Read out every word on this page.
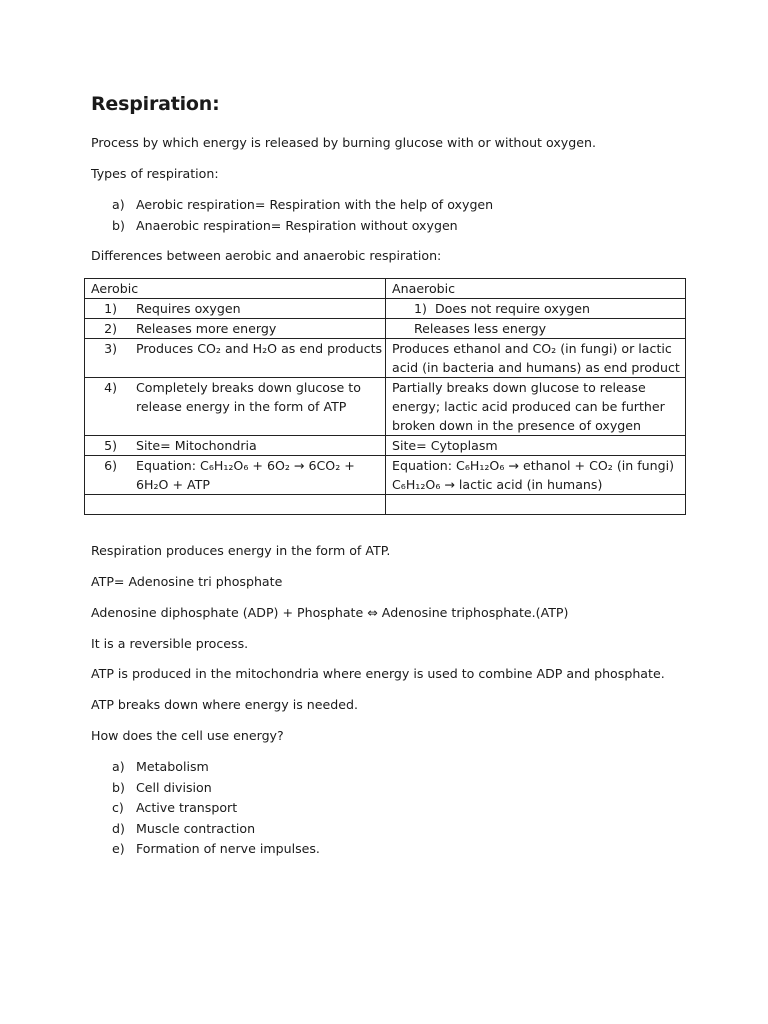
Respiration:
Process by which energy is released by burning glucose with or without oxygen.
Types of respiration:
a) Aerobic respiration= Respiration with the help of oxygen
b) Anaerobic respiration= Respiration without oxygen
Differences between aerobic and anaerobic respiration:
Aerobic	Anaerobic
1) Requires oxygen	1) Does not require oxygen

2) Releases more energy	Releases less energy

3) Produces CO₂ and H₂O as end products	Produces ethanol and CO₂ (in fungi) or lactic
acid (in bacteria and humans) as end product

4) Completely breaks down glucose to
release energy in the form of ATP	Partially breaks down glucose to release
energy; lactic acid produced can be further
broken down in the presence of oxygen

5) Site= Mitochondria	Site= Cytoplasm

6) Equation: C₆H₁₂O₆ + 6O₂ → 6CO₂ +
6H₂O + ATP	Equation: C₆H₁₂O₆ → ethanol + CO₂ (in fungi)
C₆H₁₂O₆ → lactic acid (in humans)

Respiration produces energy in the form of ATP.
ATP= Adenosine tri phosphate
Adenosine diphosphate (ADP) + Phosphate ⇔ Adenosine triphosphate.(ATP)
It is a reversible process.
ATP is produced in the mitochondria where energy is used to combine ADP and phosphate.
ATP breaks down where energy is needed.
How does the cell use energy?
a) Metabolism
b) Cell division
c) Active transport
d) Muscle contraction
e) Formation of nerve impulses.
